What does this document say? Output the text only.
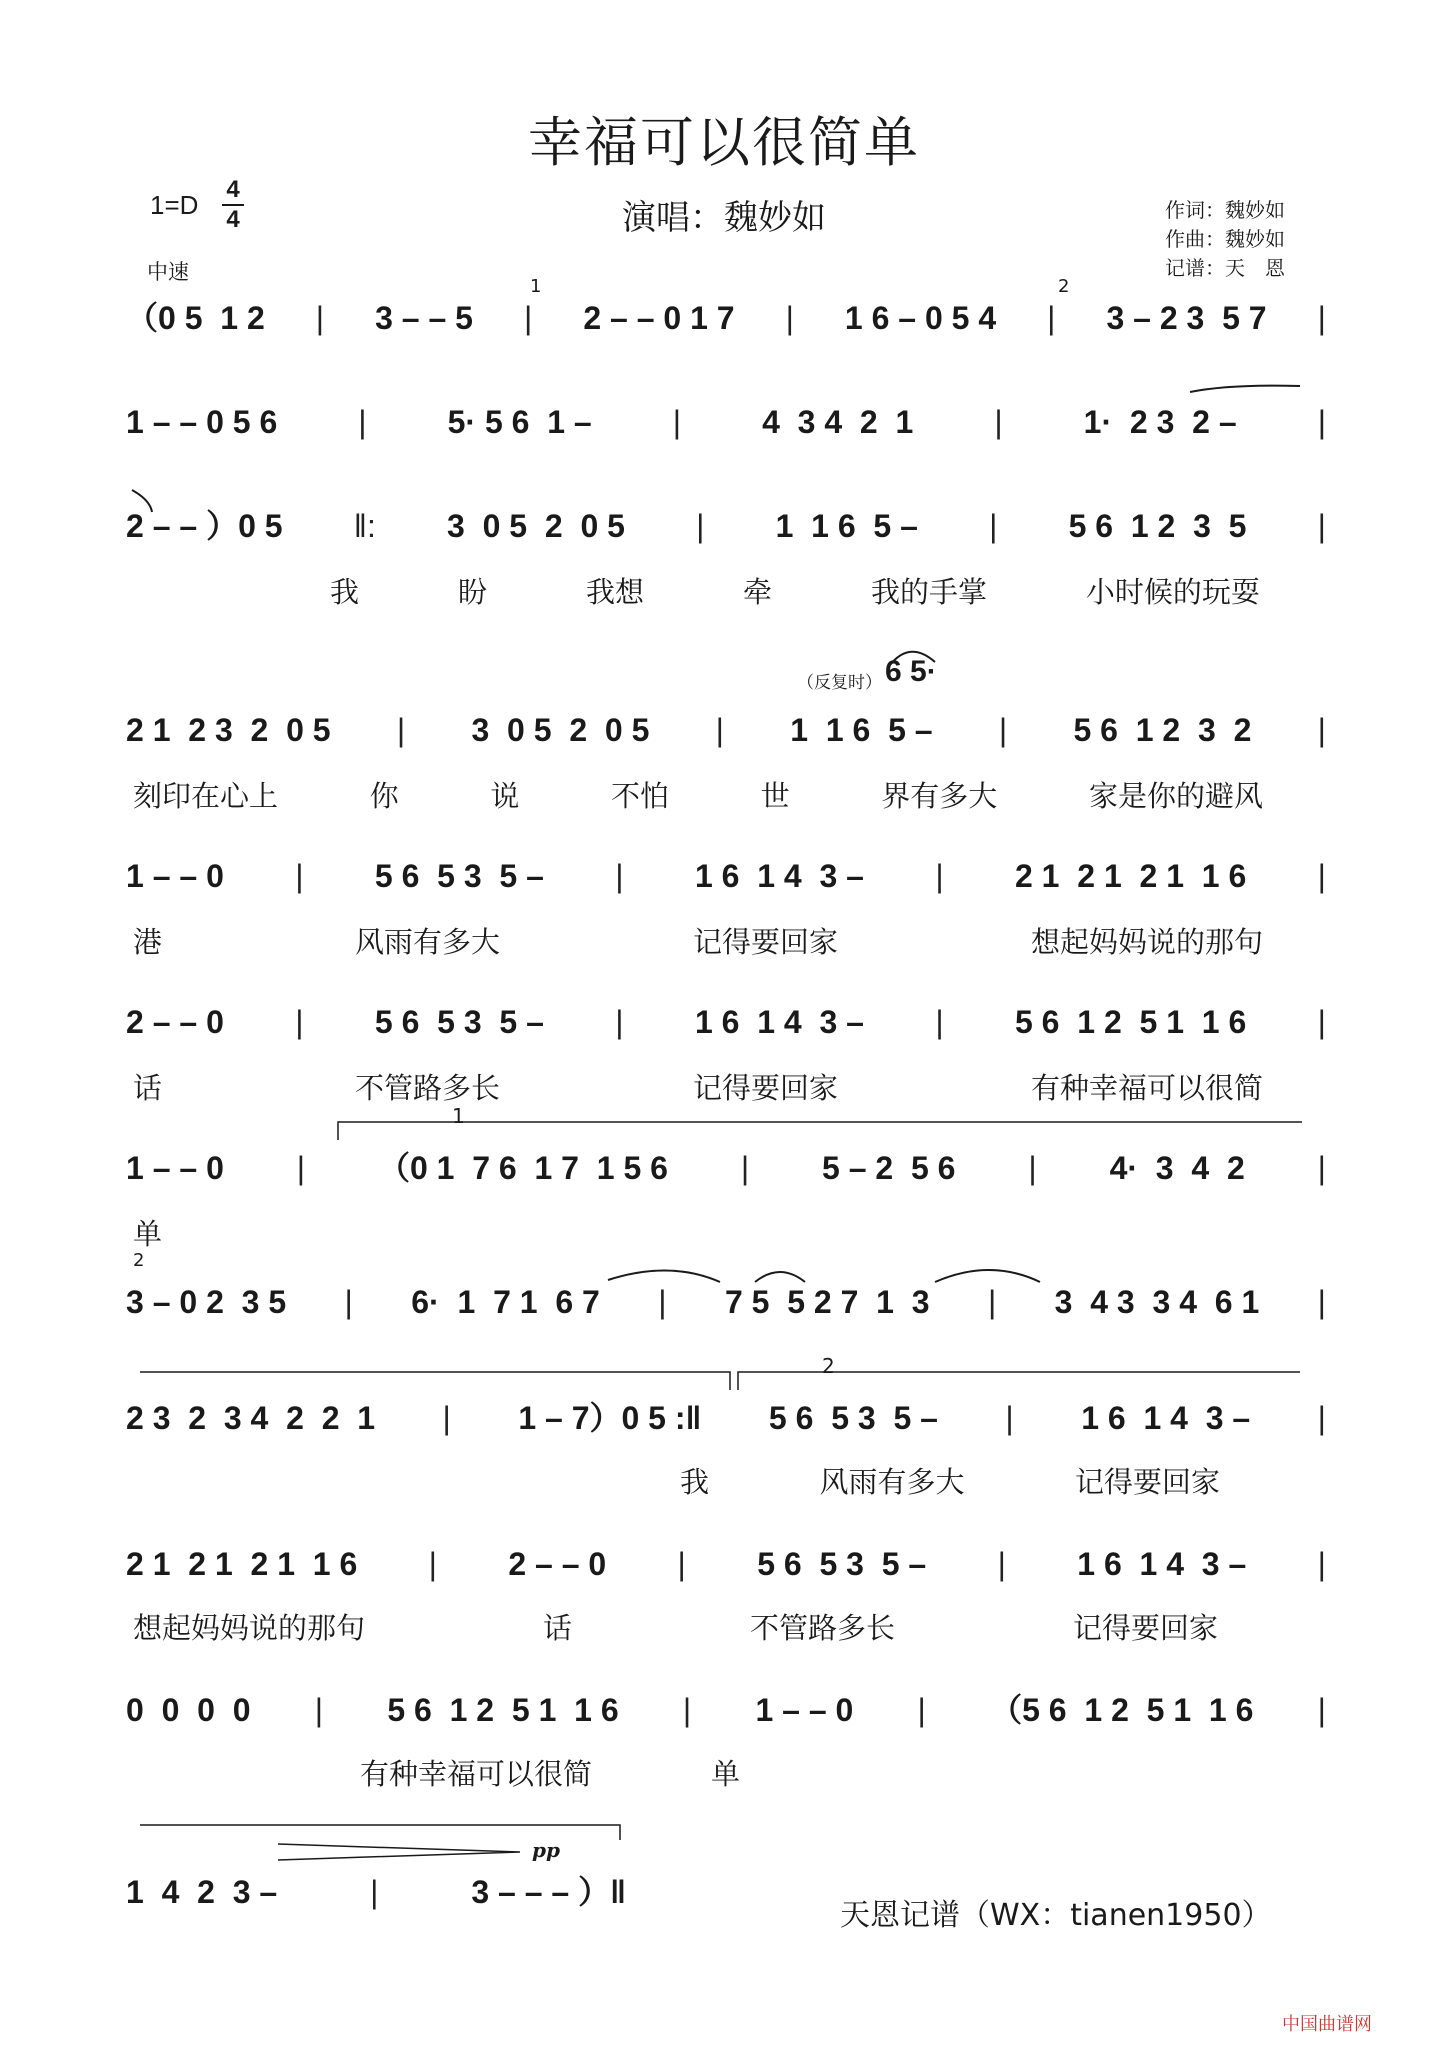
幸福可以很简单
演唱：魏妙如
1=D
4
4
中速
作词：魏妙如
作曲：魏妙如
记谱：天　恩
1	2
2
1
2
pp
（反复时） 6 5·
（0 5  1 2 | 3 – – 5 | 2 – – 0 1 7 | 1 6 – 0 5 4 | 3 – 2 3  5 7 |
1 – – 0 5 6	|	5· 5 6  1 –	|	4  3 4  2  1	|	1·  2 3  2 –	|
2 – – ）0 5 ‖: 3  0 5  2  0 5 | 1  1 6  5 – | 5 6  1 2  3  5 |
我	盼	我想	牵	我的手掌	小时候的玩耍
2 1  2 3  2  0 5 | 3  0 5  2  0 5 | 1  1 6  5 – | 5 6  1 2  3  2 |
刻印在心上	你	说	不怕	世	界有多大	家是你的避风
1 – – 0 | 5 6  5 3  5 – | 1 6  1 4  3 – | 2 1  2 1  2 1  1 6 |
港	风雨有多大	记得要回家	想起妈妈说的那句
2 – – 0 | 5 6  5 3  5 – | 1 6  1 4  3 – | 5 6  1 2  5 1  1 6 |
话	不管路多长	记得要回家	有种幸福可以很简
1 – – 0 | （0 1  7 6  1 7  1 5 6 | 5 – 2  5 6 | 4·  3  4  2 |
单
3 – 0 2  3 5 | 6·  1  7 1  6 7 | 7 5  5 2 7  1  3 | 3  4 3  3 4  6 1 |
2 3  2  3 4  2  2  1 | 1 – 7）0 5 :‖ 5 6  5 3  5 – | 1 6  1 4  3 – |
我	风雨有多大	记得要回家
2 1  2 1  2 1  1 6 | 2 – – 0 | 5 6  5 3  5 – | 1 6  1 4  3 – |
想起妈妈说的那句	话	不管路多长	记得要回家
0  0  0  0 | 5 6  1 2  5 1  1 6 | 1 – – 0 | （5 6  1 2  5 1  1 6 |
有种幸福可以很简	单
1  4  2  3 –	|	3 – – – ）‖
天恩记谱（WX：tianen1950）
中国曲谱网
